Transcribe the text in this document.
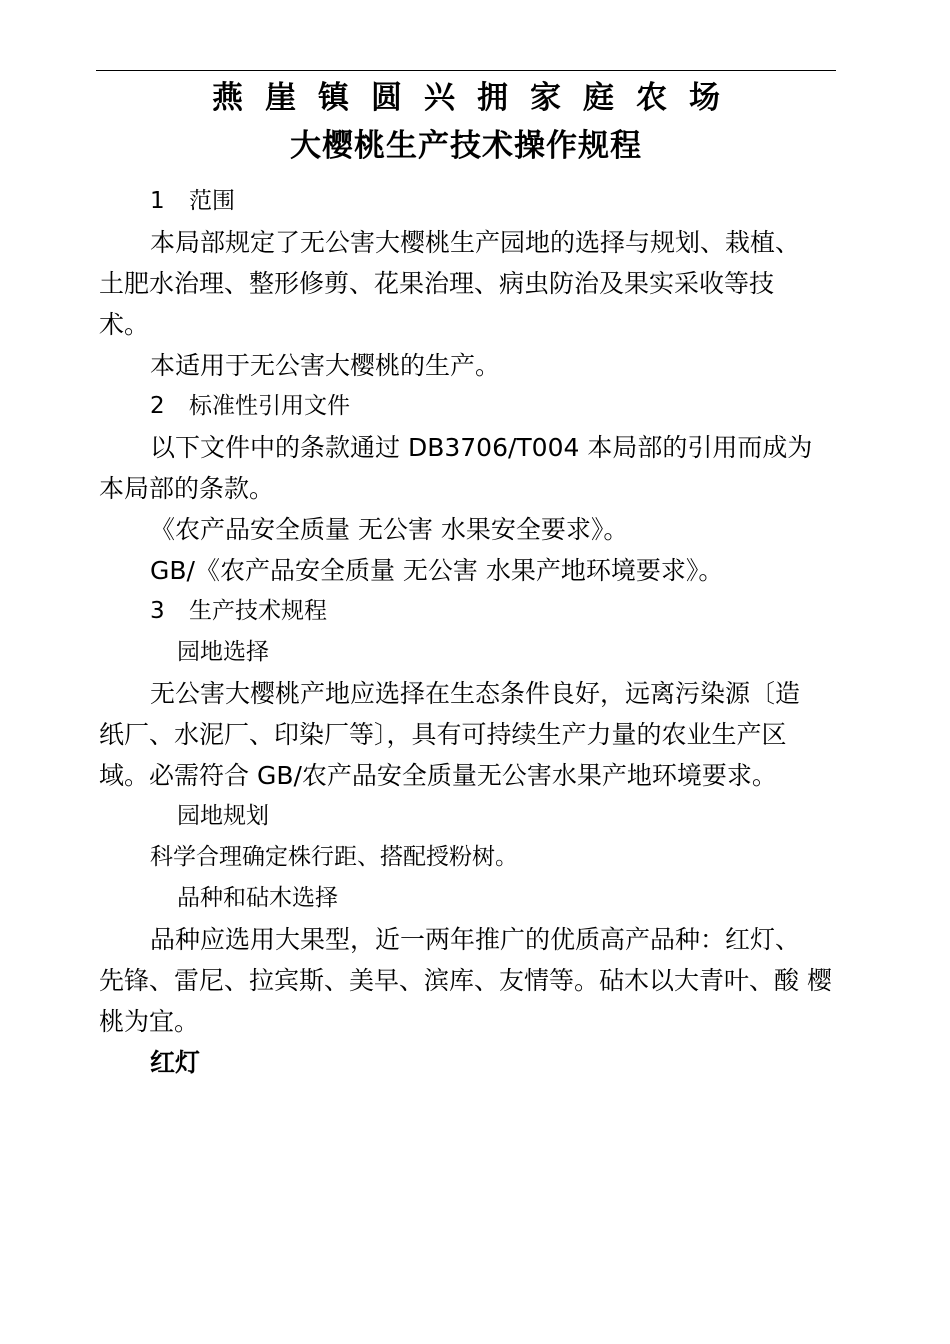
燕崖镇圆兴拥家庭农场
大樱桃生产技术操作规程

1 范围

本局部规定了无公害大樱桃生产园地的选择与规划、栽植、

土肥水治理、整形修剪、花果治理、病虫防治及果实采收等技

术。

本适用于无公害大樱桃的生产。

2 标准性引用文件

以下文件中的条款通过 DB3706/T004 本局部的引用而成为

本局部的条款。

《农产品安全质量 无公害 水果安全要求》。

GB/《农产品安全质量 无公害 水果产地环境要求》。

3 生产技术规程

园地选择

无公害大樱桃产地应选择在生态条件良好，远离污染源〔造

纸厂、水泥厂、印染厂等〕，具有可持续生产力量的农业生产区

域。必需符合 GB/农产品安全质量无公害水果产地环境要求。

园地规划

科学合理确定株行距、搭配授粉树。

品种和砧木选择

品种应选用大果型，近一两年推广的优质高产品种：红灯、

先锋、雷尼、拉宾斯、美早、滨库、友情等。砧木以大青叶、酸 樱

桃为宜。

红灯
